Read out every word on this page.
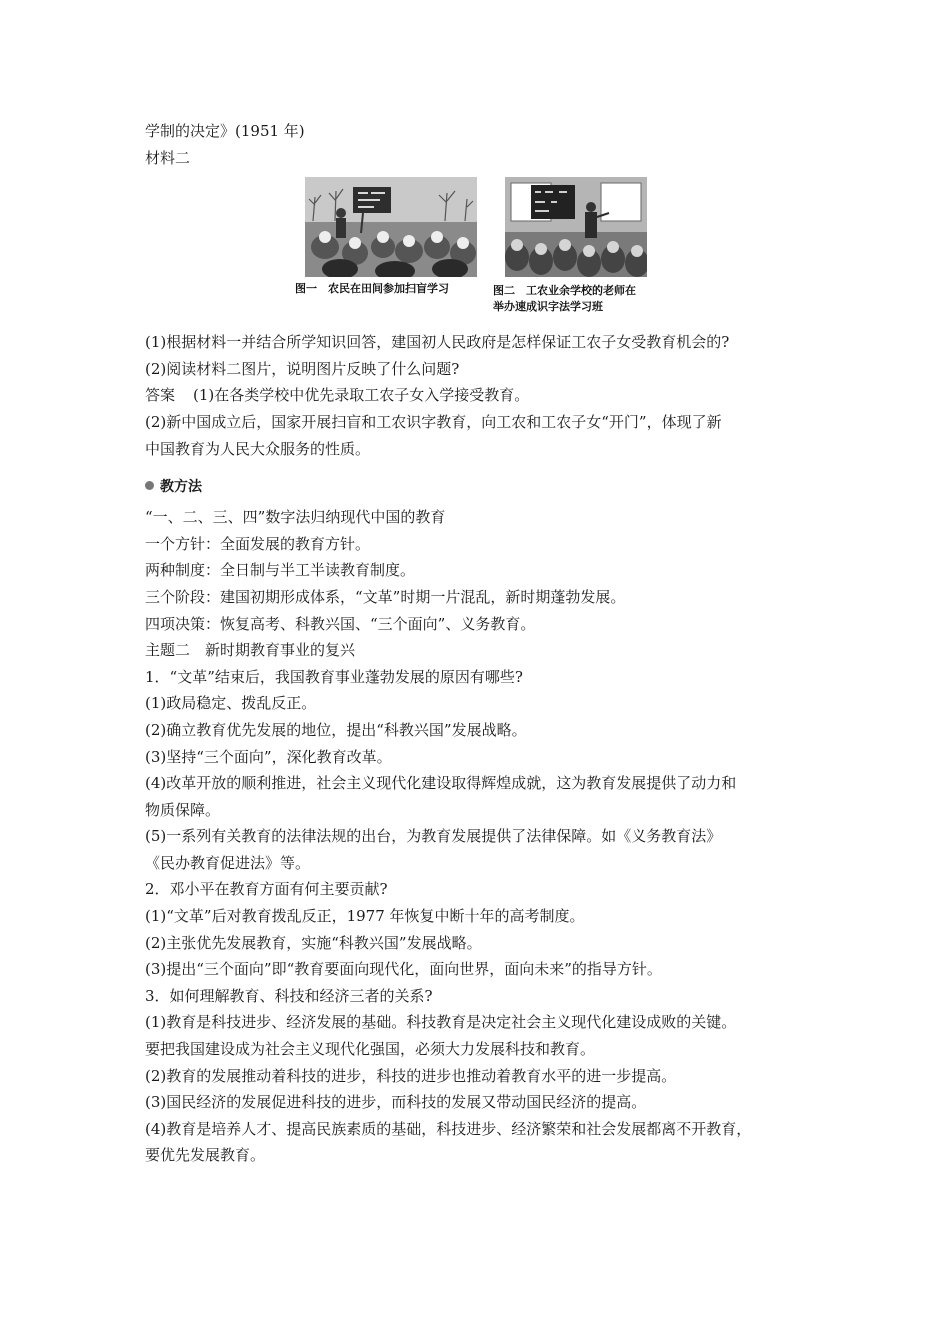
学制的决定》(1951 年)
材料二
图一　农民在田间参加扫盲学习	图二　工农业余学校的老师在
举办速成识字法学习班
(1)根据材料一并结合所学知识回答，建国初人民政府是怎样保证工农子女受教育机会的?
(2)阅读材料二图片，说明图片反映了什么问题?
答案 (1)在各类学校中优先录取工农子女入学接受教育。
(2)新中国成立后，国家开展扫盲和工农识字教育，向工农和工农子女“开门”，体现了新
中国教育为人民大众服务的性质。
教方法
“一、二、三、四”数字法归纳现代中国的教育
一个方针：全面发展的教育方针。
两种制度：全日制与半工半读教育制度。
三个阶段：建国初期形成体系，“文革”时期一片混乱，新时期蓬勃发展。
四项决策：恢复高考、科教兴国、“三个面向”、义务教育。
主题二　新时期教育事业的复兴
1．“文革”结束后，我国教育事业蓬勃发展的原因有哪些?
(1)政局稳定、拨乱反正。
(2)确立教育优先发展的地位，提出“科教兴国”发展战略。
(3)坚持“三个面向”，深化教育改革。
(4)改革开放的顺利推进，社会主义现代化建设取得辉煌成就，这为教育发展提供了动力和
物质保障。
(5)一系列有关教育的法律法规的出台，为教育发展提供了法律保障。如《义务教育法》
《民办教育促进法》等。
2．邓小平在教育方面有何主要贡献?
(1)“文革”后对教育拨乱反正，1977 年恢复中断十年的高考制度。
(2)主张优先发展教育，实施“科教兴国”发展战略。
(3)提出“三个面向”即“教育要面向现代化，面向世界，面向未来”的指导方针。
3．如何理解教育、科技和经济三者的关系?
(1)教育是科技进步、经济发展的基础。科技教育是决定社会主义现代化建设成败的关键。
要把我国建设成为社会主义现代化强国，必须大力发展科技和教育。
(2)教育的发展推动着科技的进步，科技的进步也推动着教育水平的进一步提高。
(3)国民经济的发展促进科技的进步，而科技的发展又带动国民经济的提高。
(4)教育是培养人才、提高民族素质的基础，科技进步、经济繁荣和社会发展都离不开教育，
要优先发展教育。
